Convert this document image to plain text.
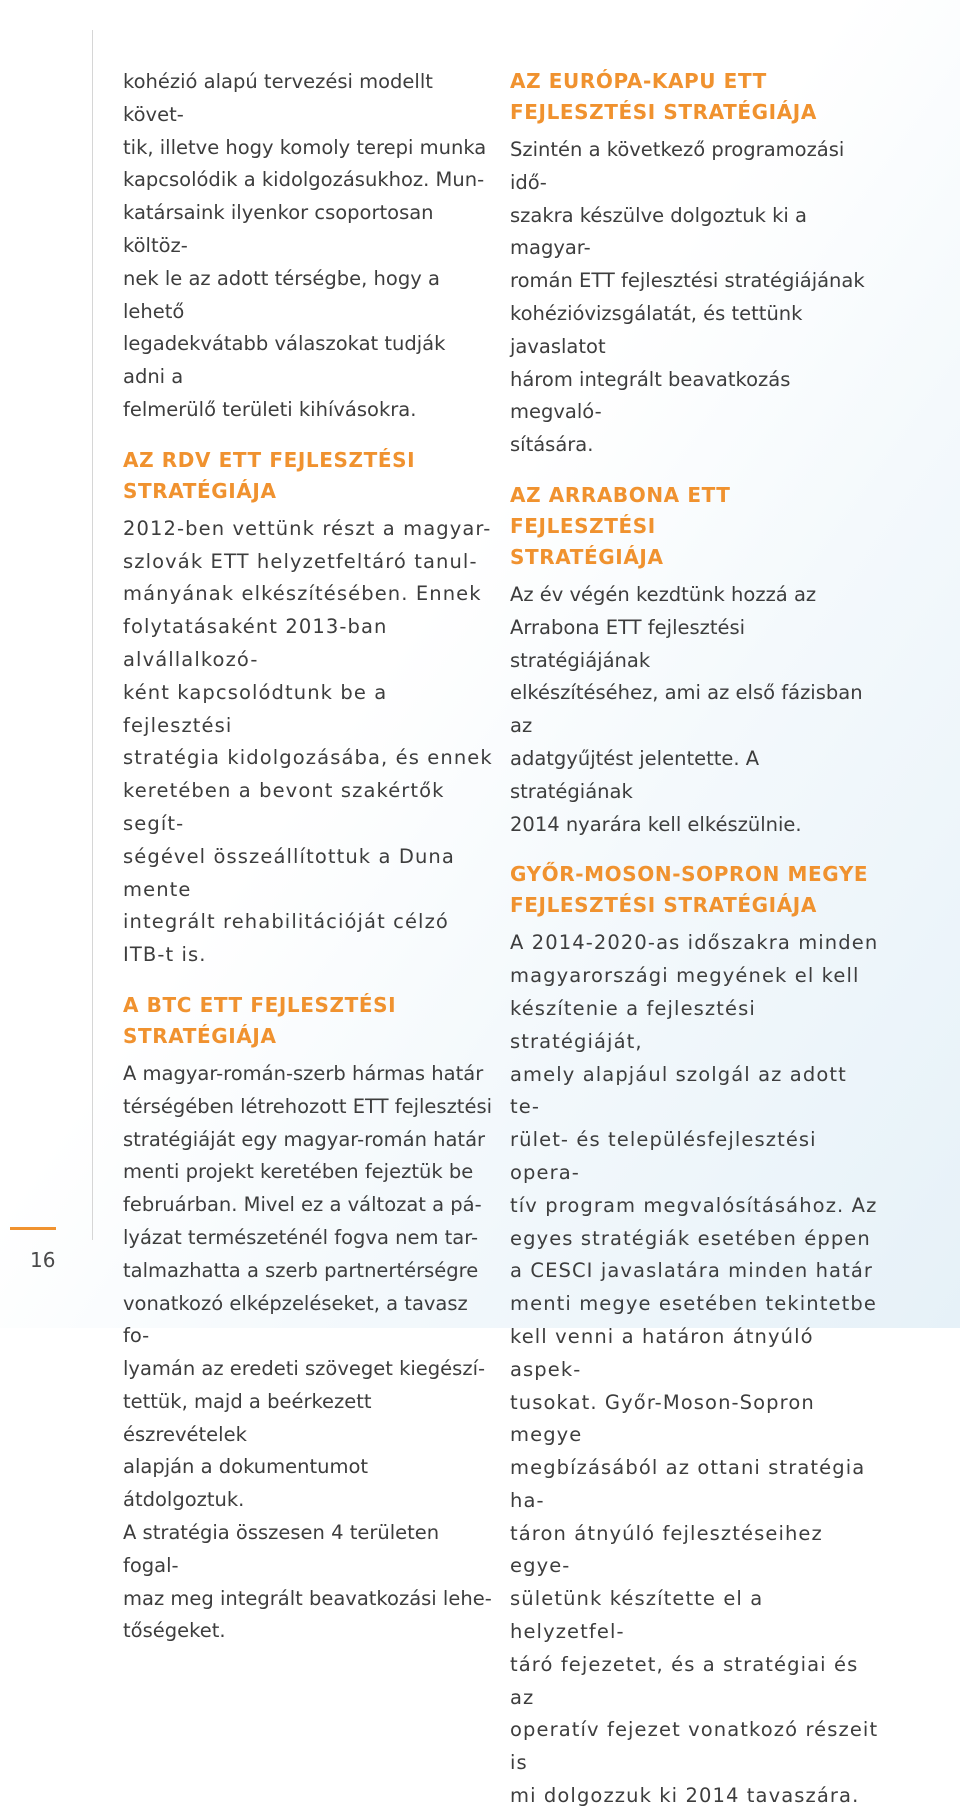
16

kohézió alapú tervezési modellt követ-
tik, illetve hogy komoly terepi munka
kapcsolódik a kidolgozásukhoz. Mun-
katársaink ilyenkor csoportosan költöz-
nek le az adott térségbe, hogy a lehető
legadekvátabb válaszokat tudják adni a
felmerülő területi kihívásokra.

AZ RDV ETT FEJLESZTÉSI
STRATÉGIÁJA

2012-ben vettünk részt a magyar-
szlovák ETT helyzetfeltáró tanul-
mányának elkészítésében. Ennek
folytatásaként 2013-ban alvállalkozó-
ként kapcsolódtunk be a fejlesztési
stratégia kidolgozásába, és ennek
keretében a bevont szakértők segít-
ségével összeállítottuk a Duna mente
integrált rehabilitációját célzó ITB-t is.

A BTC ETT FEJLESZTÉSI
STRATÉGIÁJA

A magyar-román-szerb hármas határ
térségében létrehozott ETT fejlesztési
stratégiáját egy magyar-román határ
menti projekt keretében fejeztük be
februárban. Mivel ez a változat a pá-
lyázat természeténél fogva nem tar-
talmazhatta a szerb partnertérségre
vonatkozó elképzeléseket, a tavasz fo-
lyamán az eredeti szöveget kiegészí-
tettük, majd a beérkezett észrevételek
alapján a dokumentumot átdolgoztuk.
A stratégia összesen 4 területen fogal-
maz meg integrált beavatkozási lehe-
tőségeket.

AZ EURÓPA-KAPU ETT
FEJLESZTÉSI STRATÉGIÁJA

Szintén a következő programozási idő-
szakra készülve dolgoztuk ki a magyar-
román ETT fejlesztési stratégiájának
kohézióvizsgálatát, és tettünk javaslatot
három integrált beavatkozás megvaló-
sítására.

AZ ARRABONA ETT FEJLESZTÉSI
STRATÉGIÁJA

Az év végén kezdtünk hozzá az
Arrabona ETT fejlesztési stratégiájának
elkészítéséhez, ami az első fázisban az
adatgyűjtést jelentette. A stratégiának
2014 nyarára kell elkészülnie.

GYŐR-MOSON-SOPRON MEGYE
FEJLESZTÉSI STRATÉGIÁJA

A 2014-2020-as időszakra minden
magyarországi megyének el kell
készítenie a fejlesztési stratégiáját,
amely alapjául szolgál az adott te-
rület- és településfejlesztési opera-
tív program megvalósításához. Az
egyes stratégiák esetében éppen
a CESCI javaslatára minden határ
menti megye esetében tekintetbe
kell venni a határon átnyúló aspek-
tusokat. Győr-Moson-Sopron megye
megbízásából az ottani stratégia ha-
táron átnyúló fejlesztéseihez egye-
sületünk készítette el a helyzetfel-
táró fejezetet, és a stratégiai és az
operatív fejezet vonatkozó részeit is
mi dolgozzuk ki 2014 tavaszára.
